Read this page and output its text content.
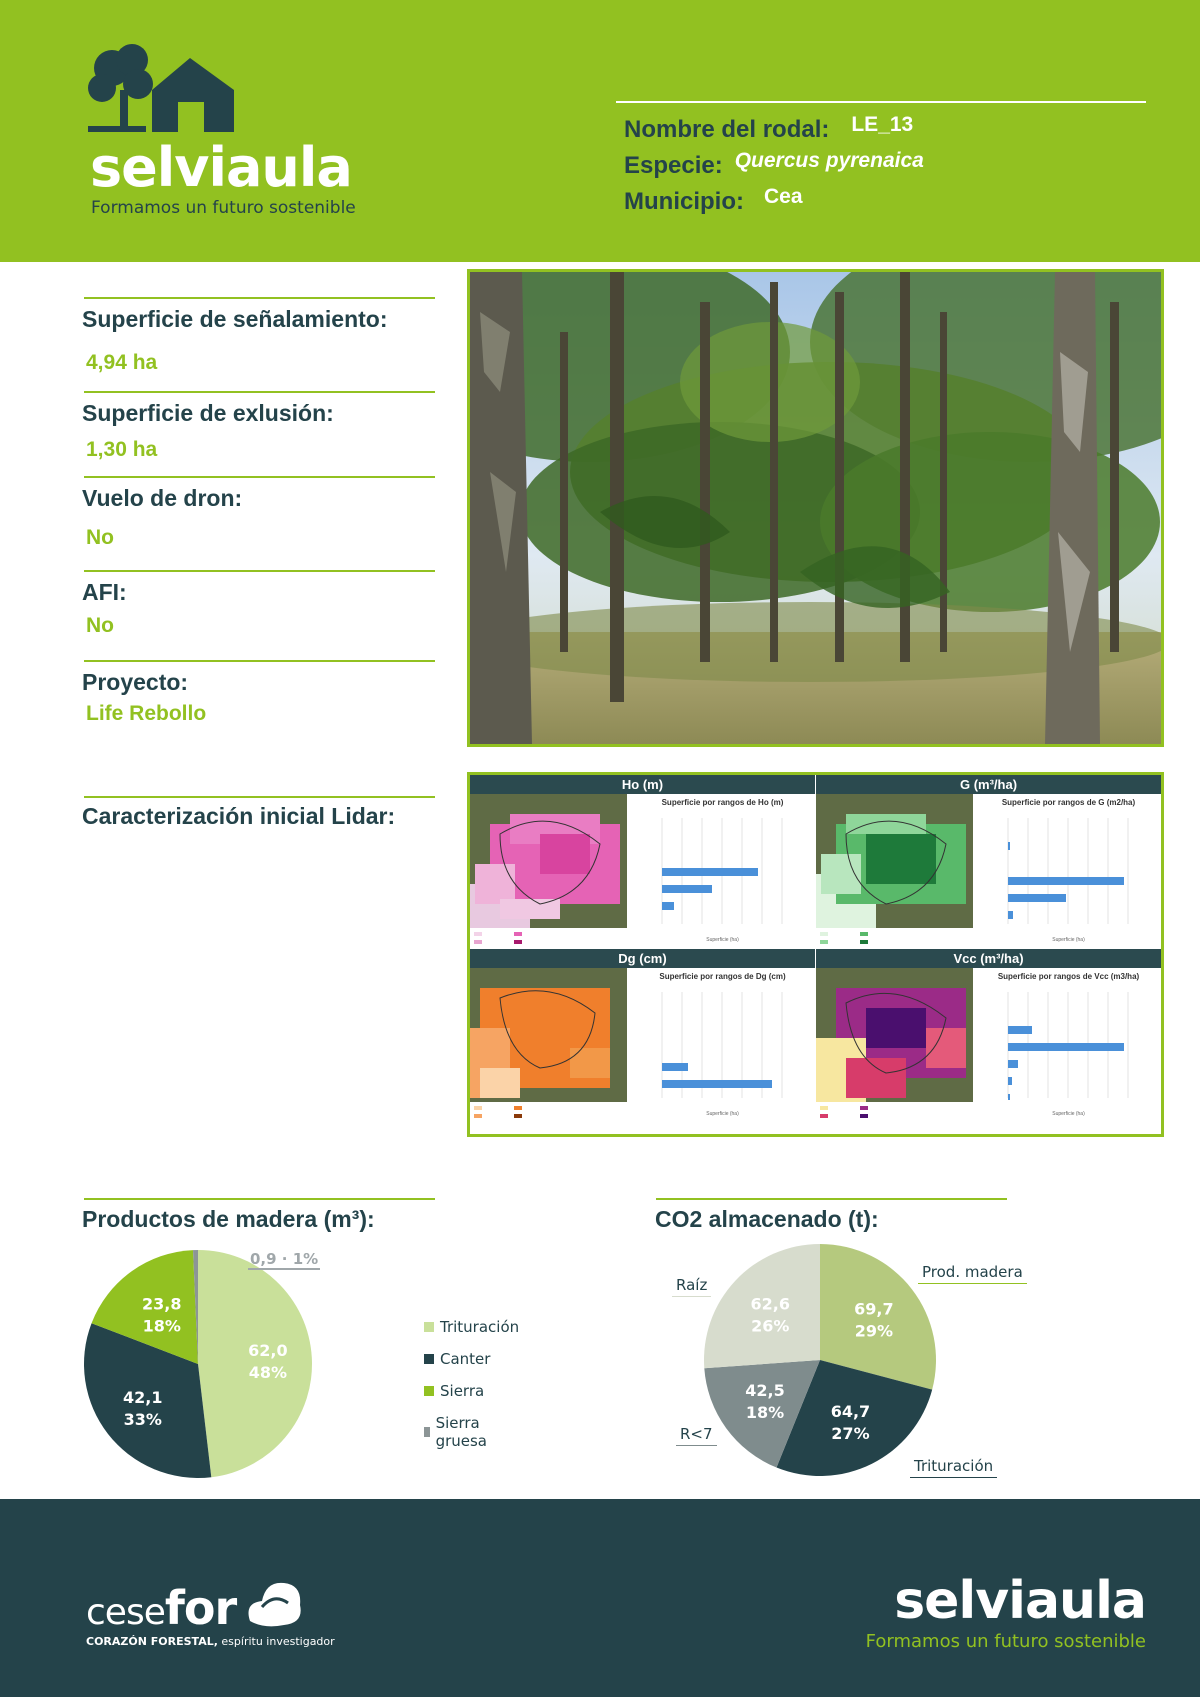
selviaula
Formamos un futuro sostenible
Nombre del rodal: LE_13
Especie: Quercus pyrenaica
Municipio: Cea
Superficie de señalamiento:
4,94 ha
Superficie de exlusión:
1,30 ha
Vuelo de dron:
No
AFI:
No
Proyecto:
Life Rebollo
Caracterización inicial Lidar:
Ho (m)
Superficie por rangos de Ho (m)
Superficie (ha)
G (m³/ha)
Superficie por rangos de G (m2/ha)
Superficie (ha)
Dg (cm)
Superficie por rangos de Dg (cm)
Superficie (ha)
Vcc (m³/ha)
Superficie por rangos de Vcc (m3/ha)
Superficie (ha)
Productos de madera (m³):
62,0
48%
42,1
33%
23,8
18%
0,9 · 1%
Trituración
Canter
Sierra
Sierra gruesa
CO2 almacenado (t):
69,7
29%
64,7
27%
42,5
18%
62,6
26%
Prod. madera
Trituración
R<7
Raíz
cesefor
CORAZÓN FORESTAL, espíritu investigador
selviaula
Formamos un futuro sostenible
